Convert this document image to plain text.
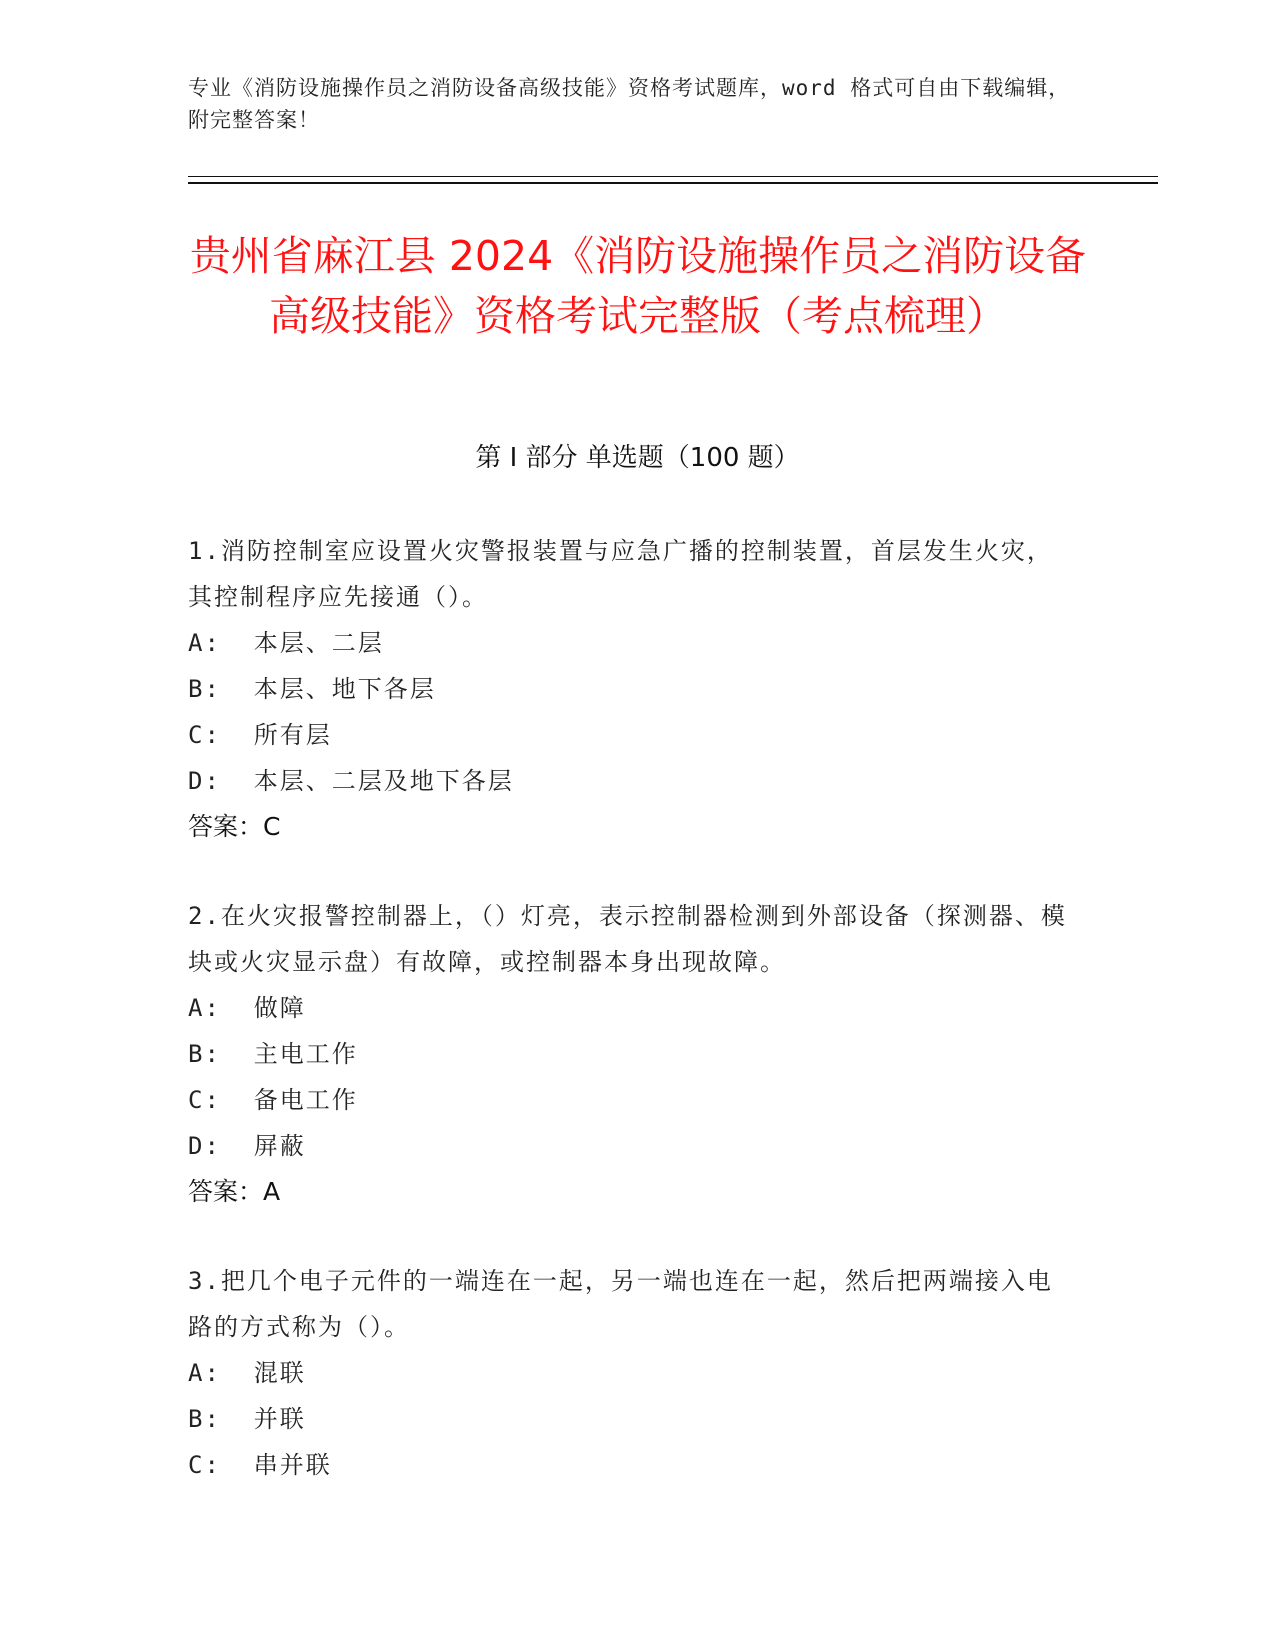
专业《消防设施操作员之消防设备高级技能》资格考试题库，word 格式可自由下载编辑，附完整答案！
贵州省麻江县 2024《消防设施操作员之消防设备高级技能》资格考试完整版（考点梳理）
第 I 部分 单选题（100 题）
1.消防控制室应设置火灾警报装置与应急广播的控制装置，首层发生火灾，其控制程序应先接通（）。
A:  本层、二层
B:  本层、地下各层
C:  所有层
D:  本层、二层及地下各层
答案：C
2.在火灾报警控制器上，（）灯亮，表示控制器检测到外部设备（探测器、模块或火灾显示盘）有故障，或控制器本身出现故障。
A:  做障
B:  主电工作
C:  备电工作
D:  屏蔽
答案：A
3.把几个电子元件的一端连在一起，另一端也连在一起，然后把两端接入电路的方式称为（）。
A:  混联
B:  并联
C:  串并联
